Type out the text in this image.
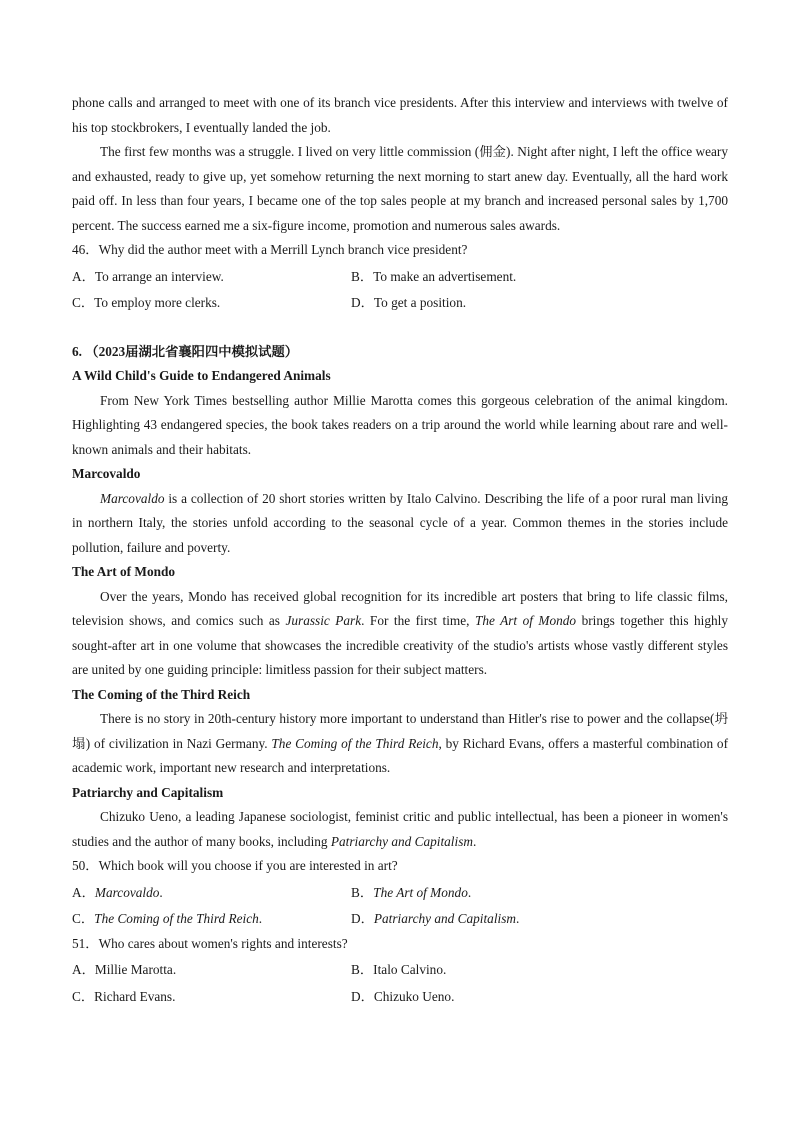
phone calls and arranged to meet with one of its branch vice presidents. After this interview and interviews with twelve of his top stockbrokers, I eventually landed the job.

The first few months was a struggle. I lived on very little commission (佣金). Night after night, I left the office weary and exhausted, ready to give up, yet somehow returning the next morning to start anew day. Eventually, all the hard work paid off. In less than four years, I became one of the top sales people at my branch and increased personal sales by 1,700 percent. The success earned me a six-figure income, promotion and numerous sales awards.

46．Why did the author meet with a Merrill Lynch branch vice president?

A．To arrange an interview.	B．To make an advertisement.
C．To employ more clerks.	D．To get a position.

6. （2023届湖北省襄阳四中模拟试题）

A Wild Child's Guide to Endangered Animals

From New York Times bestselling author Millie Marotta comes this gorgeous celebration of the animal kingdom. Highlighting 43 endangered species, the book takes readers on a trip around the world while learning about rare and well-known animals and their habitats.

Marcovaldo

Marcovaldo is a collection of 20 short stories written by Italo Calvino. Describing the life of a poor rural man living in northern Italy, the stories unfold according to the seasonal cycle of a year. Common themes in the stories include pollution, failure and poverty.

The Art of Mondo

Over the years, Mondo has received global recognition for its incredible art posters that bring to life classic films, television shows, and comics such as Jurassic Park. For the first time, The Art of Mondo brings together this highly sought-after art in one volume that showcases the incredible creativity of the studio's artists whose vastly different styles are united by one guiding principle: limitless passion for their subject matters.

The Coming of the Third Reich

There is no story in 20th-century history more important to understand than Hitler's rise to power and the collapse(坍塌) of civilization in Nazi Germany. The Coming of the Third Reich, by Richard Evans, offers a masterful combination of academic work, important new research and interpretations.

Patriarchy and Capitalism

Chizuko Ueno, a leading Japanese sociologist, feminist critic and public intellectual, has been a pioneer in women's studies and the author of many books, including Patriarchy and Capitalism.

50．Which book will you choose if you are interested in art?

A．Marcovaldo.	B．The Art of Mondo.
C．The Coming of the Third Reich.	D．Patriarchy and Capitalism.

51．Who cares about women's rights and interests?

A．Millie Marotta.	B．Italo Calvino.
C．Richard Evans.	D．Chizuko Ueno.
